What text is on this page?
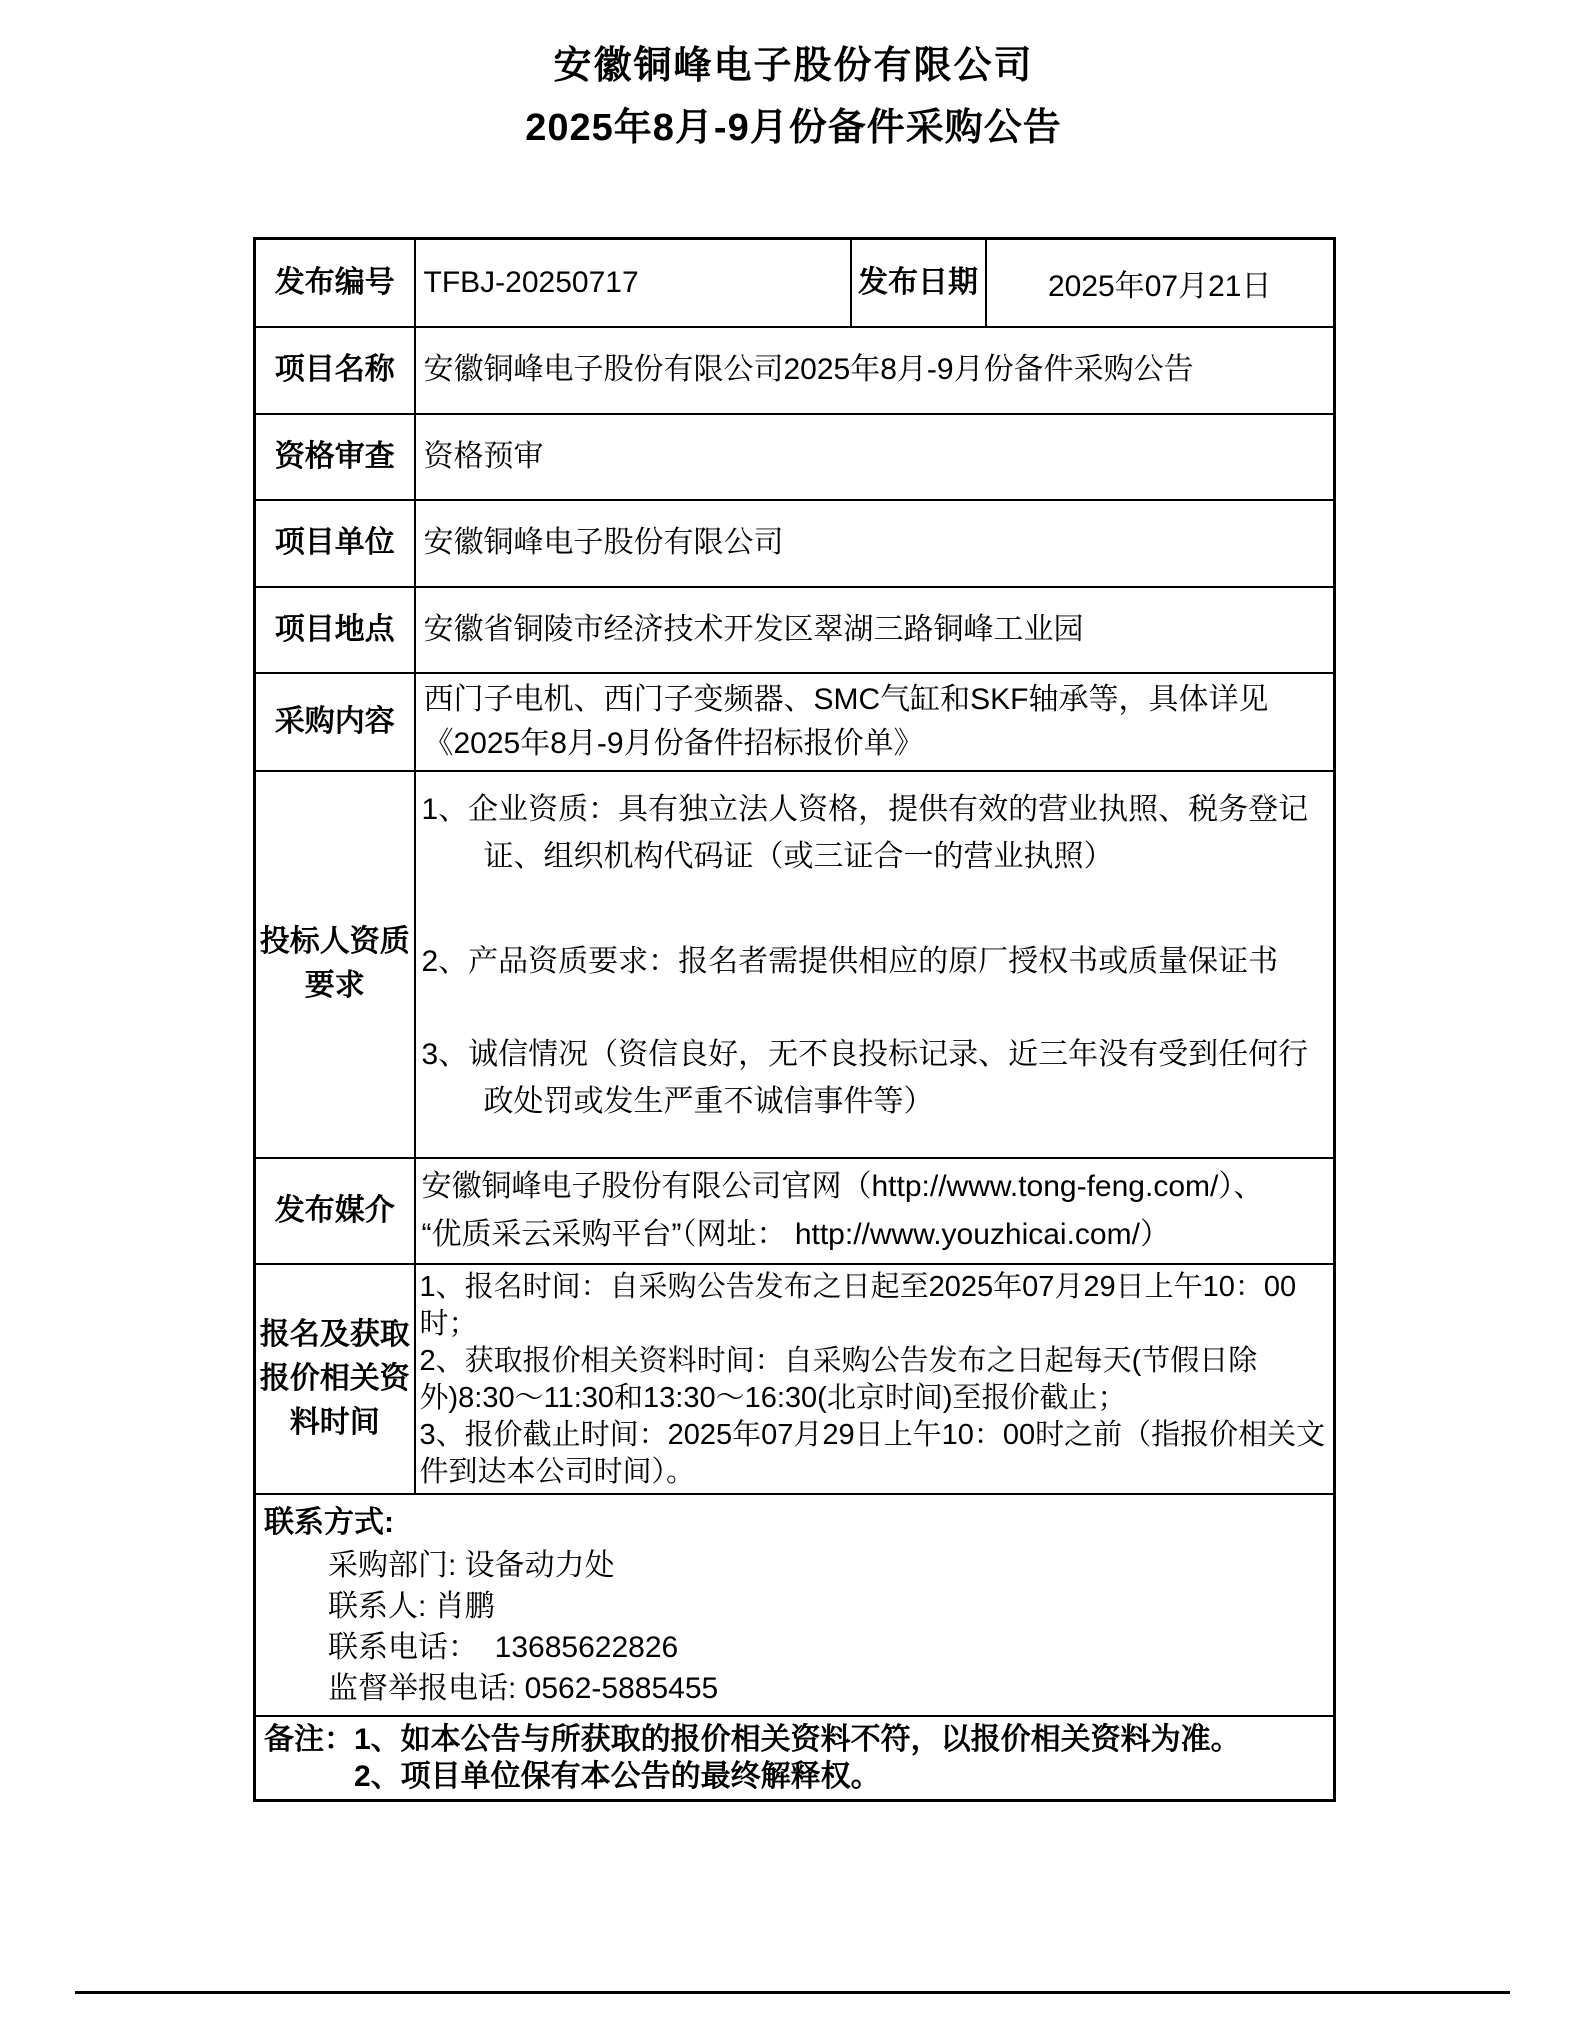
安徽铜峰电子股份有限公司
2025年8月-9月份备件采购公告
发布编号	TFBJ-20250717	发布日期	2025年07月21日
项目名称	安徽铜峰电子股份有限公司2025年8月-9月份备件采购公告		
资格审查	资格预审		
项目单位	安徽铜峰电子股份有限公司		
项目地点	安徽省铜陵市经济技术开发区翠湖三路铜峰工业园		
采购内容	西门子电机、西门子变频器、SMC气缸和SKF轴承等，具体详见《2025年8月-9月份备件招标报价单》		
投标人资质要求	1、企业资质：具有独立法人资格，提供有效的营业执照、税务登记证、组织机构代码证（或三证合一的营业执照）
2、产品资质要求：报名者需提供相应的原厂授权书或质量保证书
3、诚信情况（资信良好，无不良投标记录、近三年没有受到任何行政处罚或发生严重不诚信事件等）		

发布媒介	安徽铜峰电子股份有限公司官网（http://www.tong-feng.com/）、
“优质采云采购平台”（网址： http://www.youzhicai.com/）		

报名及获取报价相关资料时间	1、报名时间：自采购公告发布之日起至2025年07月29日上午10：00时；
2、获取报价相关资料时间：自采购公告发布之日起每天(节假日除外)8:30～11:30和13:30～16:30(北京时间)至报价截止；
3、报价截止时间：2025年07月29日上午10：00时之前（指报价相关文件到达本公司时间）。		

联系方式:
采购部门: 设备动力处
联系人: 肖鹏
联系电话：  13685622826
监督举报电话: 0562-5885455			

备注：1、如本公告与所获取的报价相关资料不符，以报价相关资料为准。
2、项目单位保有本公告的最终解释权。			
